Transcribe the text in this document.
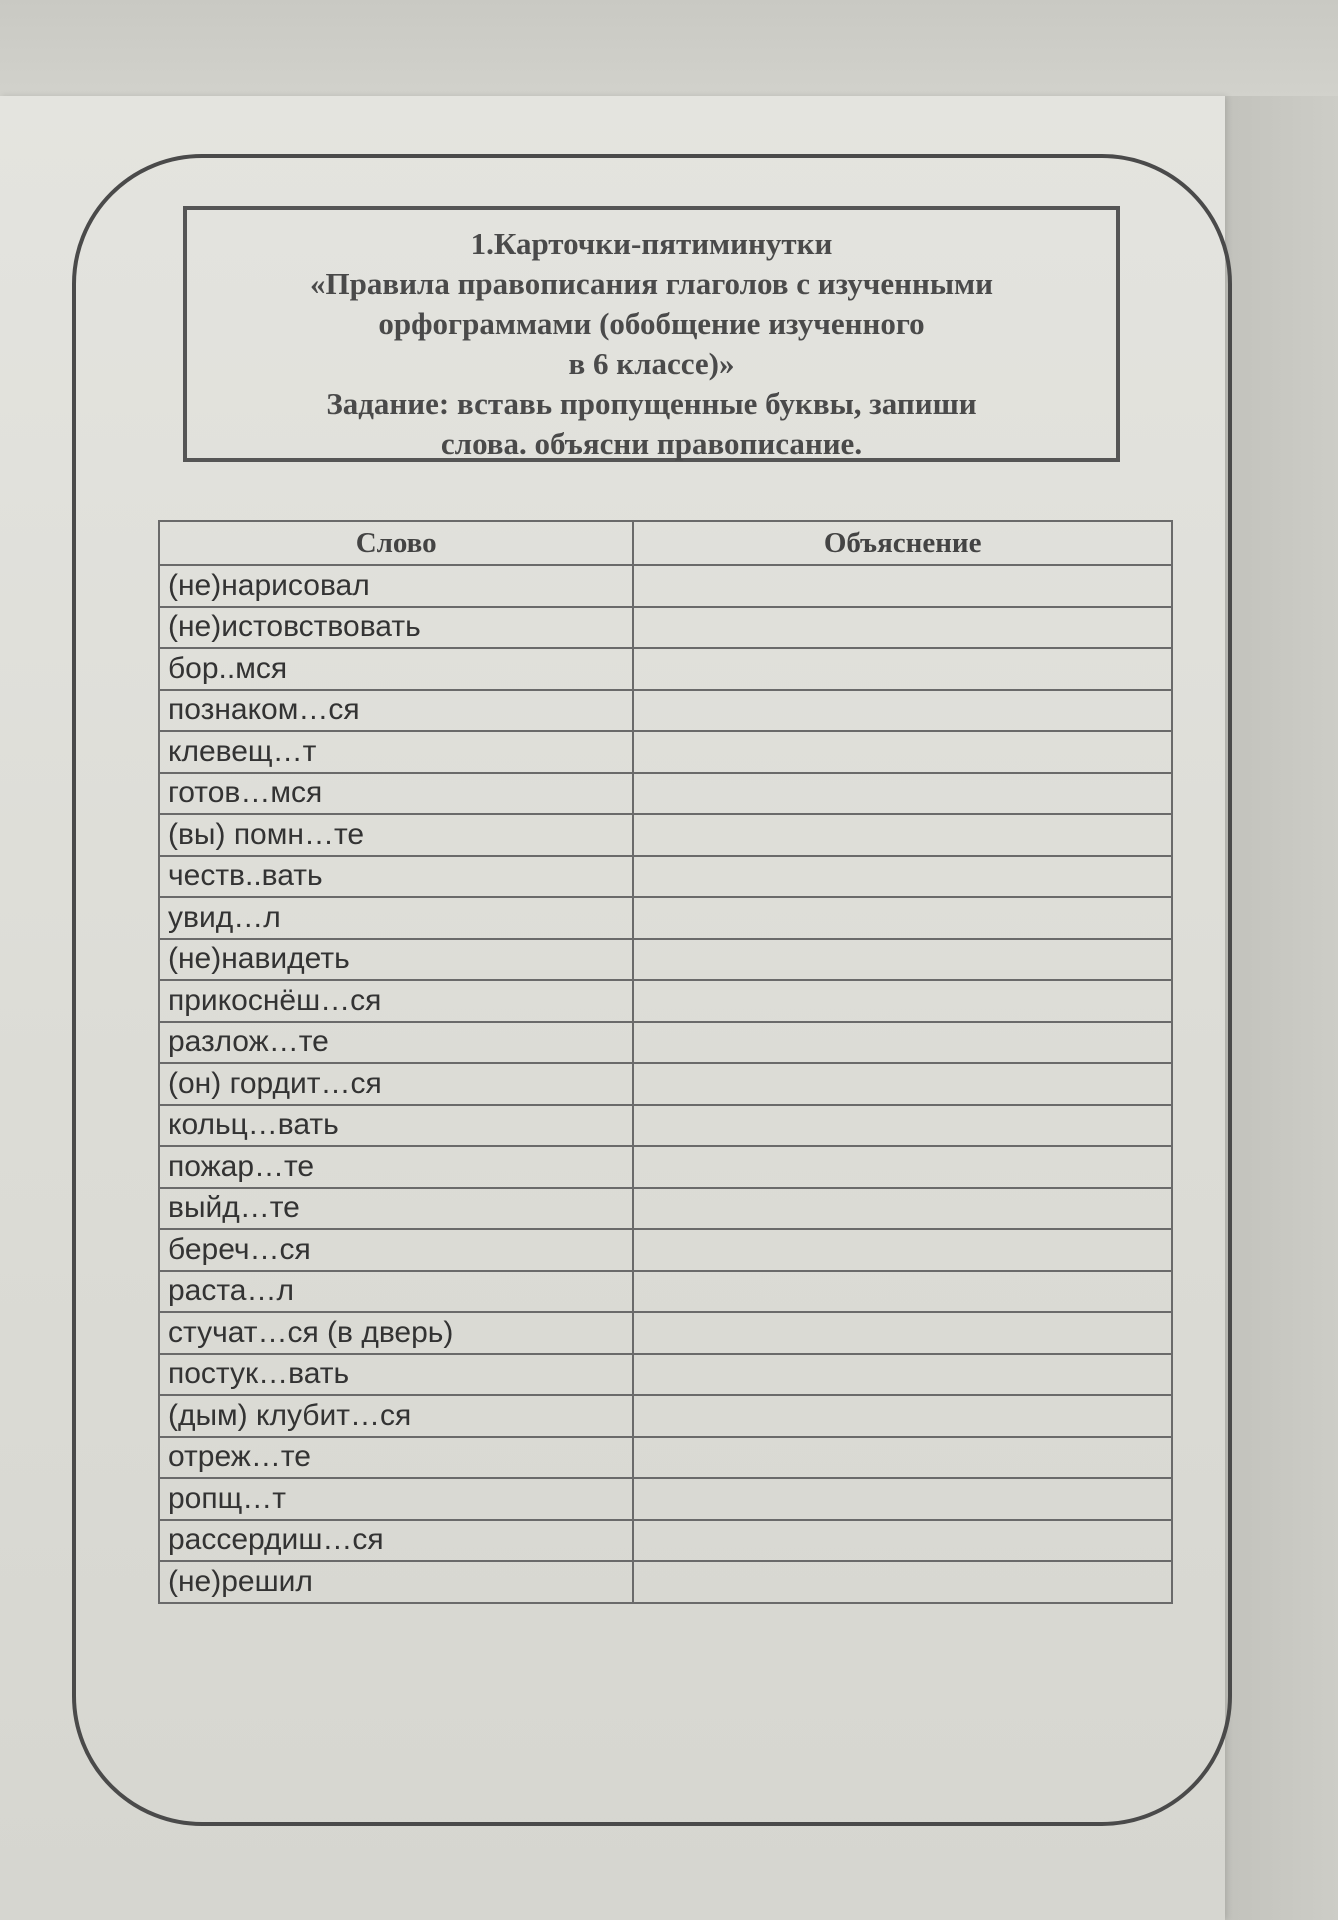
1.Карточки-пятиминутки
«Правила правописания глаголов с изученными
орфограммами (обобщение изученного
в 6 классе)»
Задание: вставь пропущенные буквы, запиши
слова. объясни правописание.
Слово	Объяснение
(не)нарисовал	
(не)истовствовать	
бор..мся	
познаком…ся	
клевещ…т	
готов…мся	
(вы) помн…те	
честв..вать	
увид…л	
(не)навидеть	
прикоснёш…ся	
разлож…те	
(он) гордит…ся	
кольц…вать	
пожар…те	
выйд…те	
береч…ся	
раста…л	
стучат…ся (в дверь)	
постук…вать	
(дым) клубит…ся	
отреж…те	
ропщ…т	
рассердиш…ся	
(не)решил	
